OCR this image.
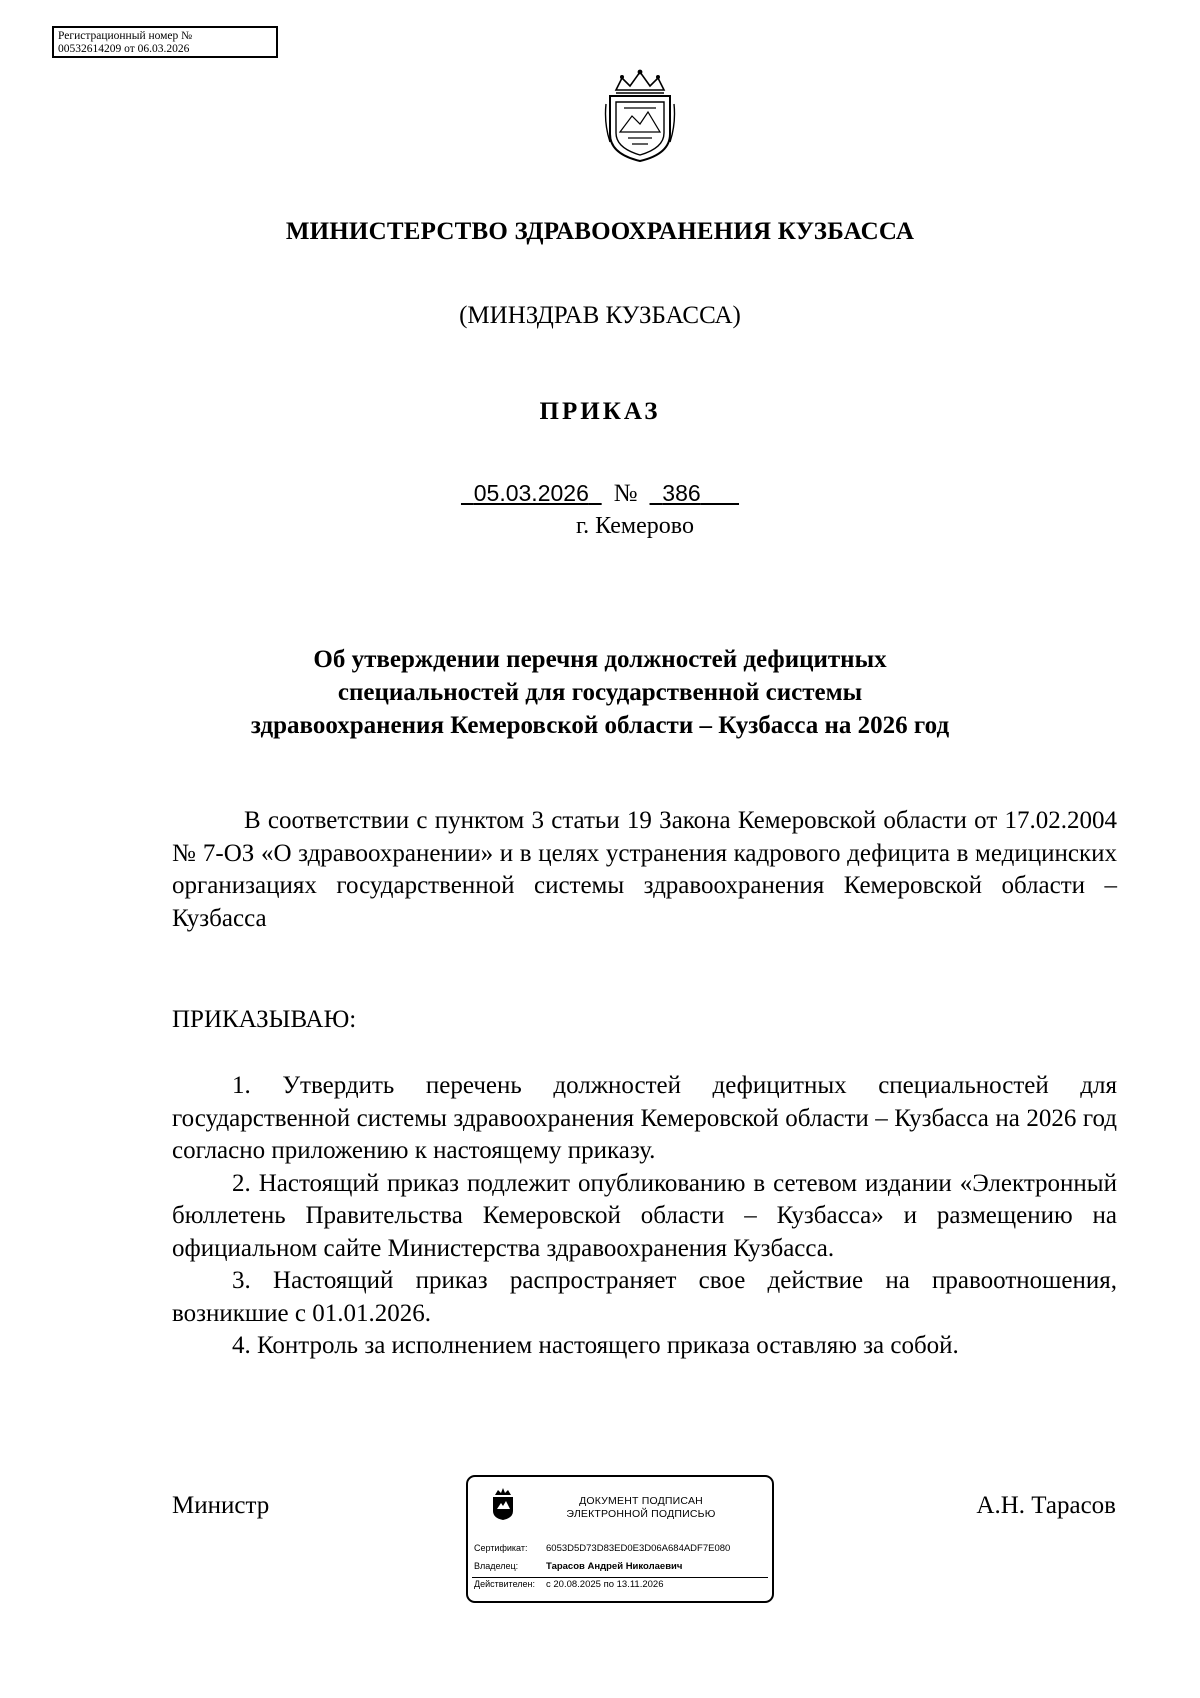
Регистрационный номер №
00532614209 от 06.03.2026
МИНИСТЕРСТВО ЗДРАВООХРАНЕНИЯ КУЗБАССА
(МИНЗДРАВ КУЗБАССА)
ПРИКАЗ
05.03.2026 № 386
г. Кемерово
Об утверждении перечня должностей дефицитных
специальностей для государственной системы
здравоохранения Кемеровской области – Кузбасса на 2026 год
В соответствии с пунктом 3 статьи 19 Закона Кемеровской области от 17.02.2004 № 7-ОЗ «О здравоохранении» и в целях устранения кадрового дефицита в медицинских организациях государственной системы здравоохранения Кемеровской области – Кузбасса
ПРИКАЗЫВАЮ:

1. Утвердить перечень должностей дефицитных специальностей для государственной системы здравоохранения Кемеровской области – Кузбасса на 2026 год согласно приложению к настоящему приказу.

2. Настоящий приказ подлежит опубликованию в сетевом издании «Электронный бюллетень Правительства Кемеровской области – Кузбасса» и размещению на официальном сайте Министерства здравоохранения Кузбасса.

3. Настоящий приказ распространяет свое действие на правоотношения, возникшие с 01.01.2026.

4. Контроль за исполнением настоящего приказа оставляю за собой.

Министр	А.Н. Тарасов
ДОКУМЕНТ ПОДПИСАН
ЭЛЕКТРОННОЙ ПОДПИСЬЮ
Сертификат: 6053D5D73D83ED0E3D06A684ADF7E080
Владелец:	Тарасов Андрей Николаевич
Действителен: с 20.08.2025 по 13.11.2026
